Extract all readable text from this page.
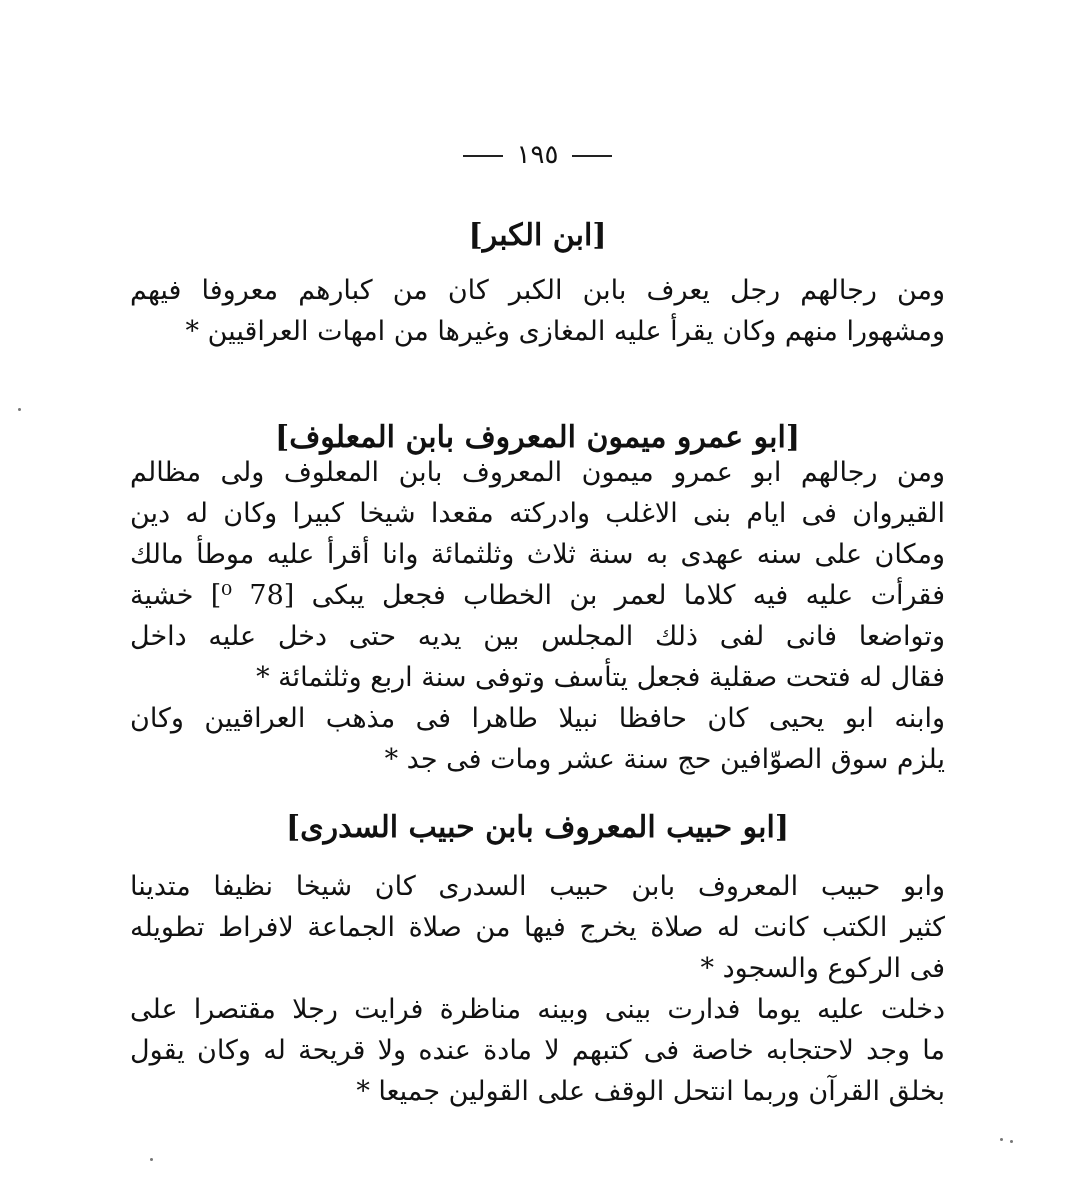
١٩٥
[ابن الكبر]
ومن رجالهم رجل يعرف بابن الكبر كان من كبارهم معروفا فيهم
ومشهورا منهم وكان يقرأ عليه المغازى وغيرها من امهات العراقيين *
[ابو عمرو ميمون المعروف بابن المعلوف]
ومن رجالهم ابو عمرو ميمون المعروف بابن المعلوف ولى مظالم
القيروان فى ايام بنى الاغلب وادركته مقعدا شيخا كبيرا وكان له دين
ومكان على سنه عهدى به سنة ثلاث وثلثمائة وانا أقرأ عليه موطأ مالك
فقرأت عليه فيه كلاما لعمر بن الخطاب فجعل يبكى [78 ⁰] خشية
وتواضعا فانى لفى ذلك المجلس بين يديه حتى دخل عليه داخل
فقال له فتحت صقلية فجعل يتأسف وتوفى سنة اربع وثلثمائة *
وابنه ابو يحيى كان حافظا نبيلا طاهرا فى مذهب العراقيين وكان
يلزم سوق الصوّافين حج سنة عشر ومات فى جد *
[ابو حبيب المعروف بابن حبيب السدرى]
وابو حبيب المعروف بابن حبيب السدرى كان شيخا نظيفا متدينا
كثير الكتب كانت له صلاة يخرج فيها من صلاة الجماعة لافراط تطويله
فى الركوع والسجود *
دخلت عليه يوما فدارت بينى وبينه مناظرة فرايت رجلا مقتصرا على
ما وجد لاحتجابه خاصة فى كتبهم لا مادة عنده ولا قريحة له وكان يقول
بخلق القرآن وربما انتحل الوقف على القولين جميعا *
